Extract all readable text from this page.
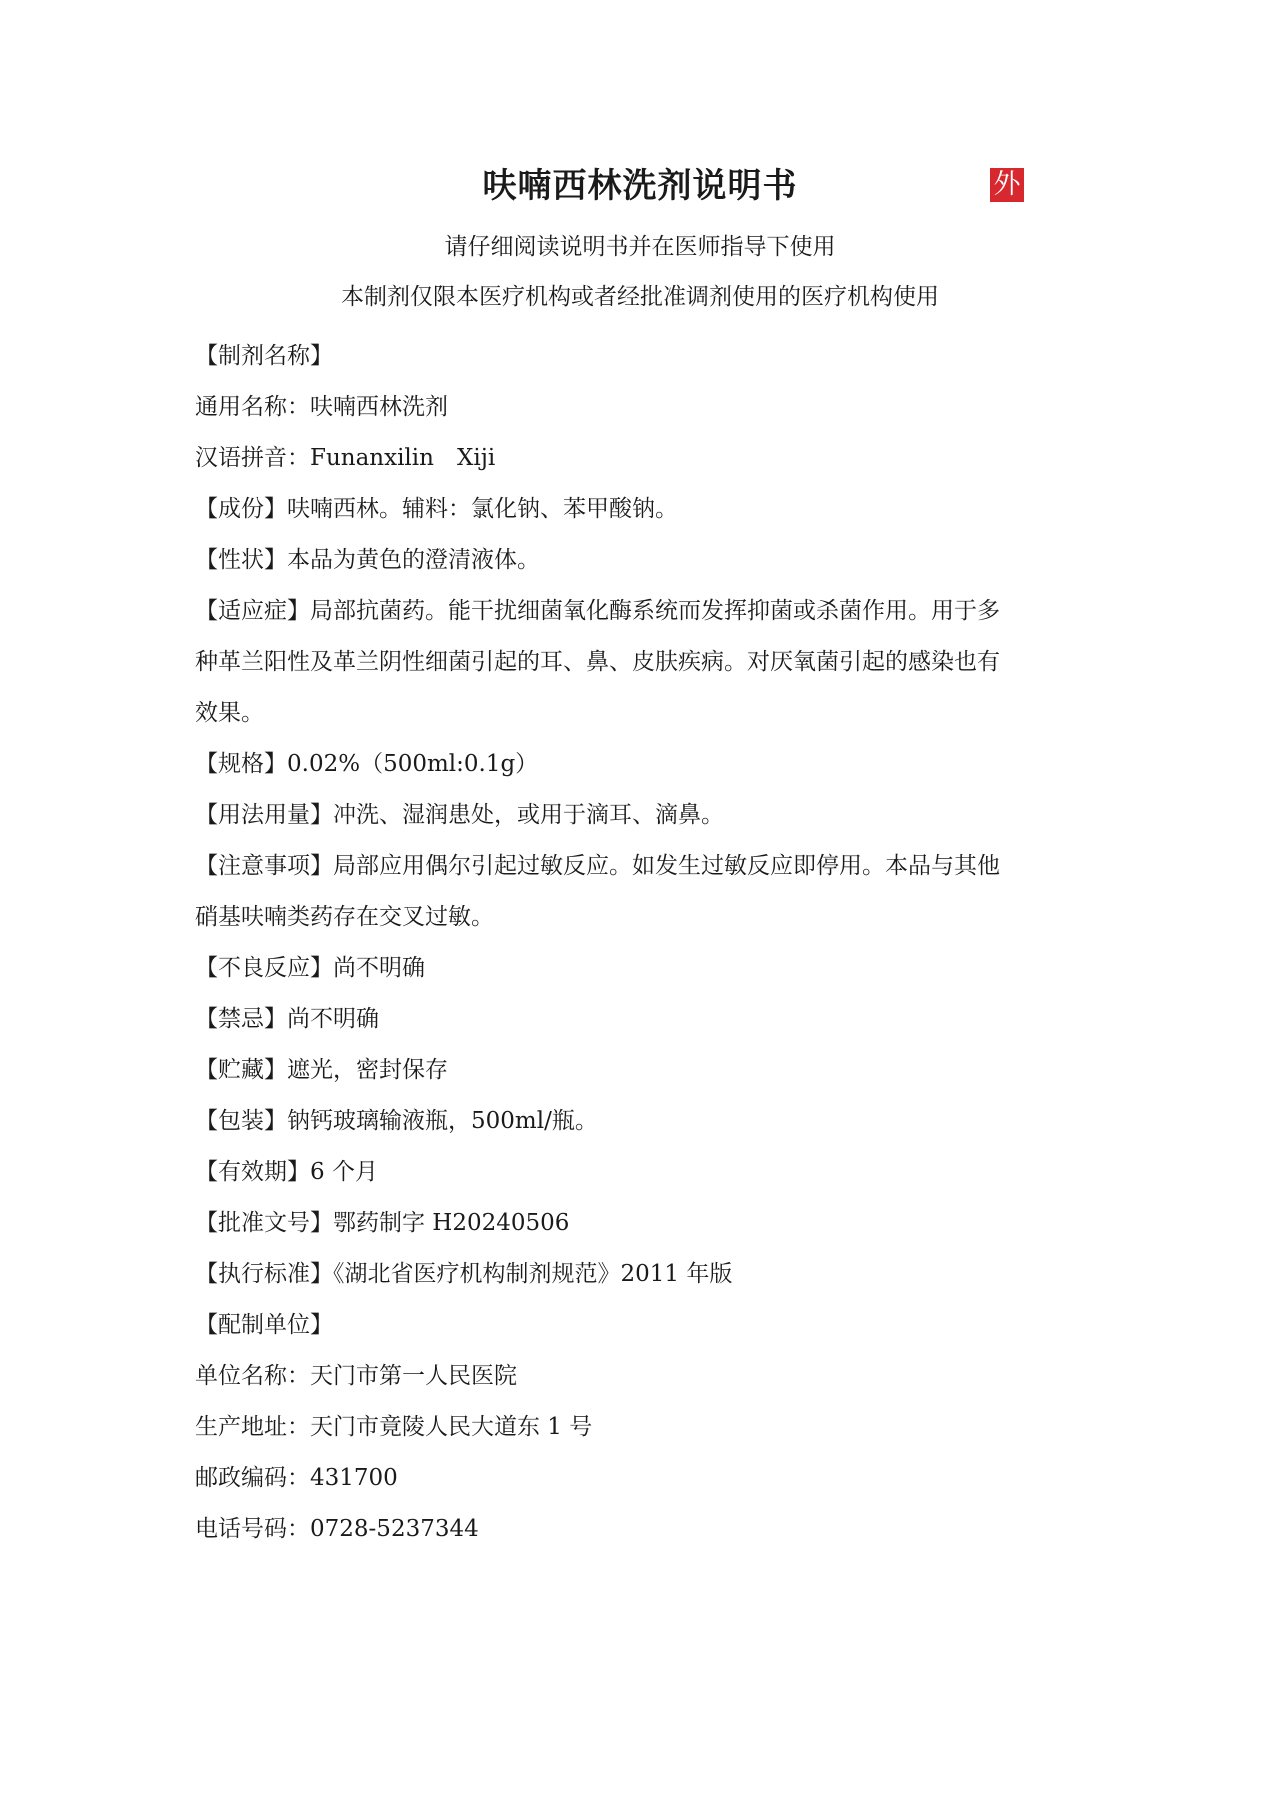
呋喃西林洗剂说明书	外
请仔细阅读说明书并在医师指导下使用
本制剂仅限本医疗机构或者经批准调剂使用的医疗机构使用
【制剂名称】
通用名称：呋喃西林洗剂
汉语拼音：Funanxilin　Xiji
【成份】呋喃西林。辅料：氯化钠、苯甲酸钠。
【性状】本品为黄色的澄清液体。
【适应症】局部抗菌药。能干扰细菌氧化酶系统而发挥抑菌或杀菌作用。用于多
种革兰阳性及革兰阴性细菌引起的耳、鼻、皮肤疾病。对厌氧菌引起的感染也有
效果。
【规格】0.02%（500ml:0.1g）
【用法用量】冲洗、湿润患处，或用于滴耳、滴鼻。
【注意事项】局部应用偶尔引起过敏反应。如发生过敏反应即停用。本品与其他
硝基呋喃类药存在交叉过敏。
【不良反应】尚不明确
【禁忌】尚不明确
【贮藏】遮光，密封保存
【包装】钠钙玻璃输液瓶，500ml/瓶。
【有效期】6 个月
【批准文号】鄂药制字 H20240506
【执行标准】《湖北省医疗机构制剂规范》2011 年版
【配制单位】
单位名称：天门市第一人民医院
生产地址：天门市竟陵人民大道东 1 号
邮政编码：431700
电话号码：0728-5237344
